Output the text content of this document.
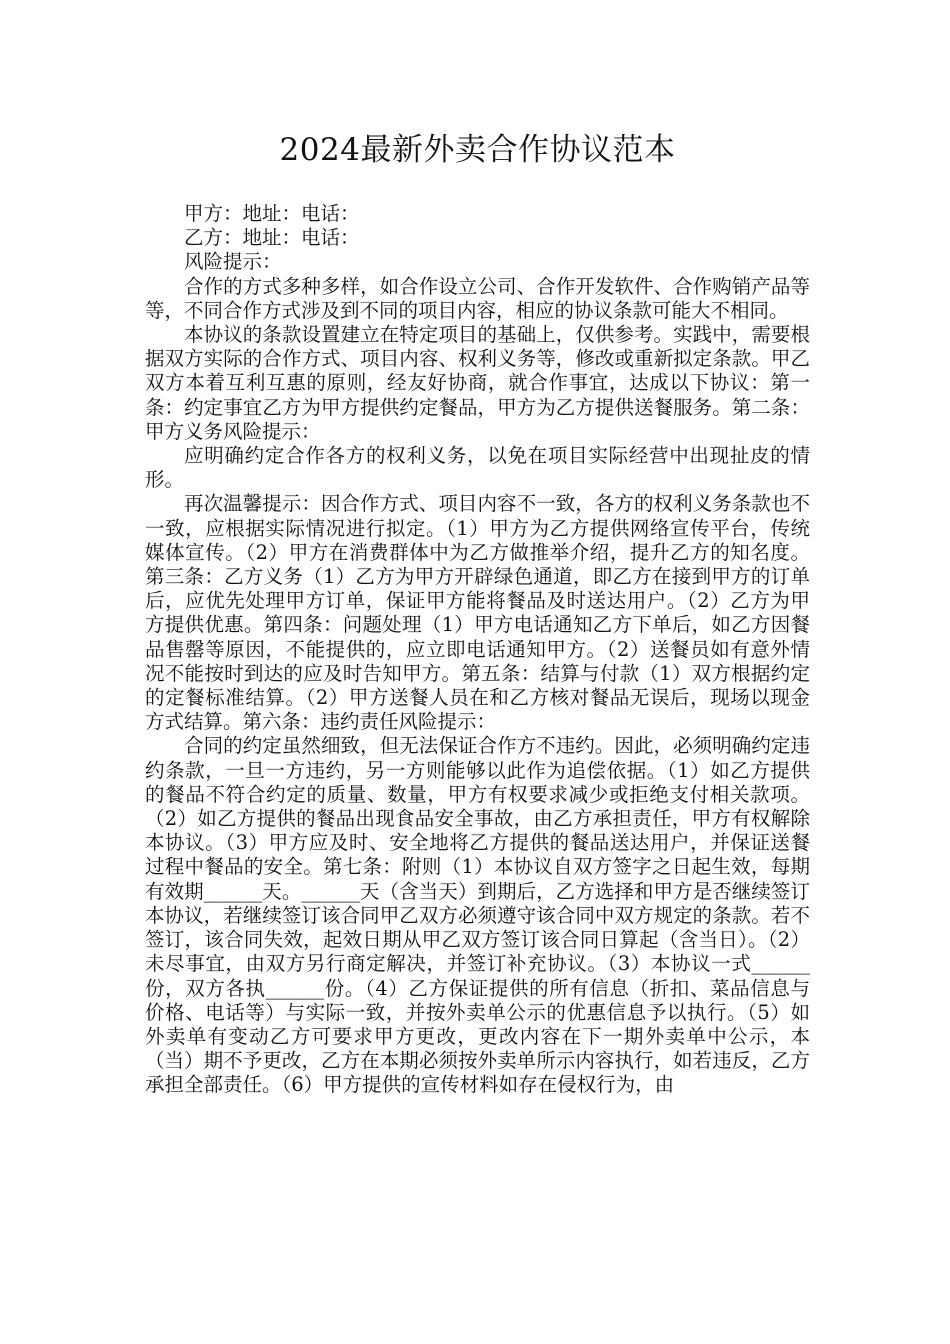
2024最新外卖合作协议范本

甲方：地址：电话：

乙方：地址：电话：

风险提示：

合作的方式多种多样，如合作设立公司、合作开发软件、合作购销产品等等，不同合作方式涉及到不同的项目内容，相应的协议条款可能大不相同。

本协议的条款设置建立在特定项目的基础上，仅供参考。实践中，需要根据双方实际的合作方式、项目内容、权利义务等，修改或重新拟定条款。甲乙双方本着互利互惠的原则，经友好协商，就合作事宜，达成以下协议：第一条：约定事宜乙方为甲方提供约定餐品，甲方为乙方提供送餐服务。第二条：甲方义务风险提示：

应明确约定合作各方的权利义务，以免在项目实际经营中出现扯皮的情形。

再次温馨提示：因合作方式、项目内容不一致，各方的权利义务条款也不一致，应根据实际情况进行拟定。（1）甲方为乙方提供网络宣传平台，传统媒体宣传。（2）甲方在消费群体中为乙方做推举介绍，提升乙方的知名度。第三条：乙方义务（1）乙方为甲方开辟绿色通道，即乙方在接到甲方的订单后，应优先处理甲方订单，保证甲方能将餐品及时送达用户。（2）乙方为甲方提供优惠。第四条：问题处理（1）甲方电话通知乙方下单后，如乙方因餐品售罄等原因，不能提供的，应立即电话通知甲方。（2）送餐员如有意外情况不能按时到达的应及时告知甲方。第五条：结算与付款（1）双方根据约定的定餐标准结算。（2）甲方送餐人员在和乙方核对餐品无误后，现场以现金方式结算。第六条：违约责任风险提示：

合同的约定虽然细致，但无法保证合作方不违约。因此，必须明确约定违约条款，一旦一方违约，另一方则能够以此作为追偿依据。（1）如乙方提供的餐品不符合约定的质量、数量，甲方有权要求减少或拒绝支付相关款项。（2）如乙方提供的餐品出现食品安全事故，由乙方承担责任，甲方有权解除本协议。（3）甲方应及时、安全地将乙方提供的餐品送达用户，并保证送餐过程中餐品的安全。第七条：附则（1）本协议自双方签字之日起生效，每期有效期______天。______天（含当天）到期后，乙方选择和甲方是否继续签订本协议，若继续签订该合同甲乙双方必须遵守该合同中双方规定的条款。若不签订，该合同失效，起效日期从甲乙双方签订该合同日算起（含当日）。（2）未尽事宜，由双方另行商定解决，并签订补充协议。（3）本协议一式______份，双方各执______份。（4）乙方保证提供的所有信息（折扣、菜品信息与价格、电话等）与实际一致，并按外卖单公示的优惠信息予以执行。（5）如外卖单有变动乙方可要求甲方更改，更改内容在下一期外卖单中公示，本（当）期不予更改，乙方在本期必须按外卖单所示内容执行，如若违反，乙方承担全部责任。（6）甲方提供的宣传材料如存在侵权行为，由
